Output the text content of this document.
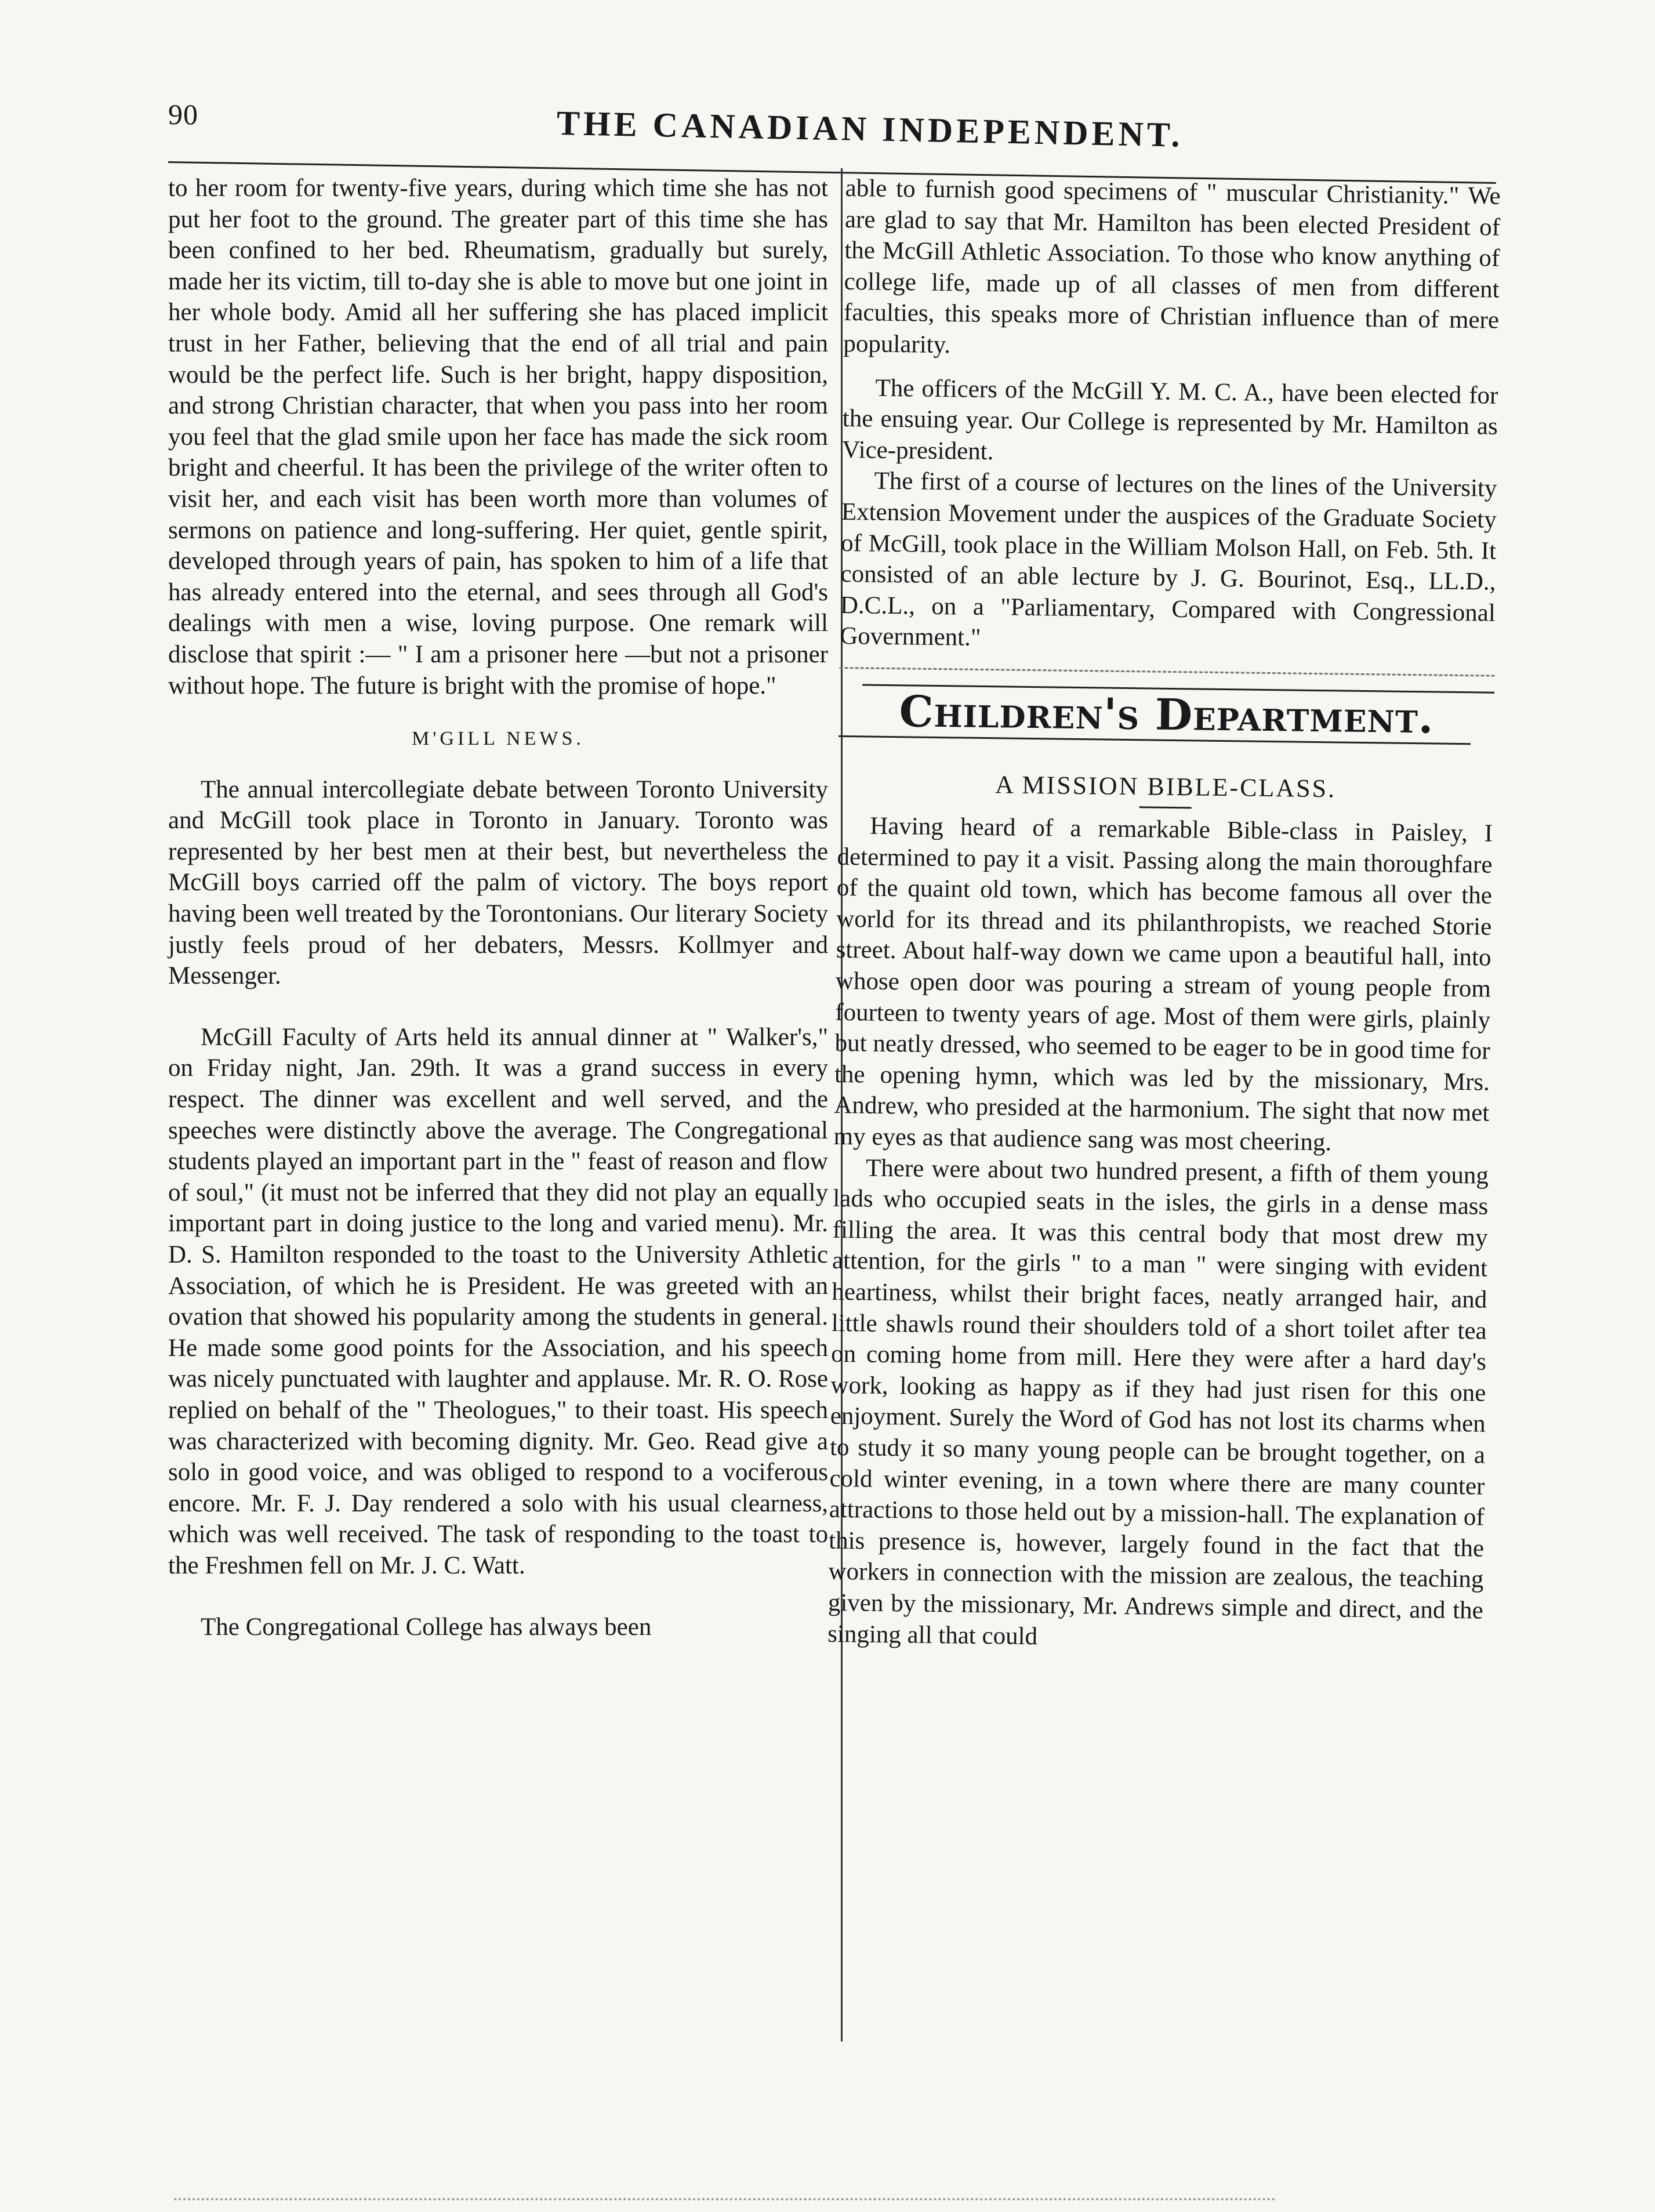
90	THE CANADIAN INDEPENDENT.

to her room for twenty-five years, during which time she has not put her foot to the ground. The greater part of this time she has been confined to her bed. Rheumatism, gradually but surely, made her its victim, till to-day she is able to move but one joint in her whole body. Amid all her suffering she has placed implicit trust in her Father, believing that the end of all trial and pain would be the perfect life. Such is her bright, happy disposition, and strong Christian character, that when you pass into her room you feel that the glad smile upon her face has made the sick room bright and cheerful. It has been the privilege of the writer often to visit her, and each visit has been worth more than volumes of sermons on patience and long-suffering. Her quiet, gentle spirit, developed through years of pain, has spoken to him of a life that has already entered into the eternal, and sees through all God's dealings with men a wise, loving purpose. One remark will disclose that spirit :— " I am a prisoner here —but not a prisoner without hope. The future is bright with the promise of hope."

M'GILL NEWS.

The annual intercollegiate debate between Toronto University and McGill took place in Toronto in January. Toronto was represented by her best men at their best, but nevertheless the McGill boys carried off the palm of victory. The boys report having been well treated by the Torontonians. Our literary Society justly feels proud of her debaters, Messrs. Kollmyer and Messenger.

McGill Faculty of Arts held its annual dinner at " Walker's," on Friday night, Jan. 29th. It was a grand success in every respect. The dinner was excellent and well served, and the speeches were distinctly above the average. The Congregational students played an important part in the " feast of reason and flow of soul," (it must not be inferred that they did not play an equally important part in doing justice to the long and varied menu). Mr. D. S. Hamilton responded to the toast to the University Athletic Association, of which he is President. He was greeted with an ovation that showed his popularity among the students in general. He made some good points for the Association, and his speech was nicely punctuated with laughter and applause. Mr. R. O. Rose replied on behalf of the " Theologues," to their toast. His speech was characterized with becoming dignity. Mr. Geo. Read give a solo in good voice, and was obliged to respond to a vociferous encore. Mr. F. J. Day rendered a solo with his usual clearness, which was well received. The task of responding to the toast to the Freshmen fell on Mr. J. C. Watt.

The Congregational College has always been

able to furnish good specimens of " muscular Christianity." We are glad to say that Mr. Hamilton has been elected President of the McGill Athletic Association. To those who know anything of college life, made up of all classes of men from different faculties, this speaks more of Christian influence than of mere popularity.

The officers of the McGill Y. M. C. A., have been elected for the ensuing year. Our College is represented by Mr. Hamilton as Vice-president.

The first of a course of lectures on the lines of the University Extension Movement under the auspices of the Graduate Society of McGill, took place in the William Molson Hall, on Feb. 5th. It consisted of an able lecture by J. G. Bourinot, Esq., LL.D., D.C.L., on a "Parliamentary, Compared with Congressional Government."

Children's Department.
A MISSION BIBLE-CLASS.

Having heard of a remarkable Bible-class in Paisley, I determined to pay it a visit. Passing along the main thoroughfare of the quaint old town, which has become famous all over the world for its thread and its philanthropists, we reached Storie street. About half-way down we came upon a beautiful hall, into whose open door was pouring a stream of young people from fourteen to twenty years of age. Most of them were girls, plainly but neatly dressed, who seemed to be eager to be in good time for the opening hymn, which was led by the missionary, Mrs. Andrew, who presided at the harmonium. The sight that now met my eyes as that audience sang was most cheering.

There were about two hundred present, a fifth of them young lads who occupied seats in the isles, the girls in a dense mass filling the area. It was this central body that most drew my attention, for the girls " to a man " were singing with evident heartiness, whilst their bright faces, neatly arranged hair, and little shawls round their shoulders told of a short toilet after tea on coming home from mill. Here they were after a hard day's work, looking as happy as if they had just risen for this one enjoyment. Surely the Word of God has not lost its charms when to study it so many young people can be brought together, on a cold winter evening, in a town where there are many counter attractions to those held out by a mission-hall. The explanation of this presence is, however, largely found in the fact that the workers in connection with the mission are zealous, the teaching given by the missionary, Mr. Andrews simple and direct, and the singing all that could
